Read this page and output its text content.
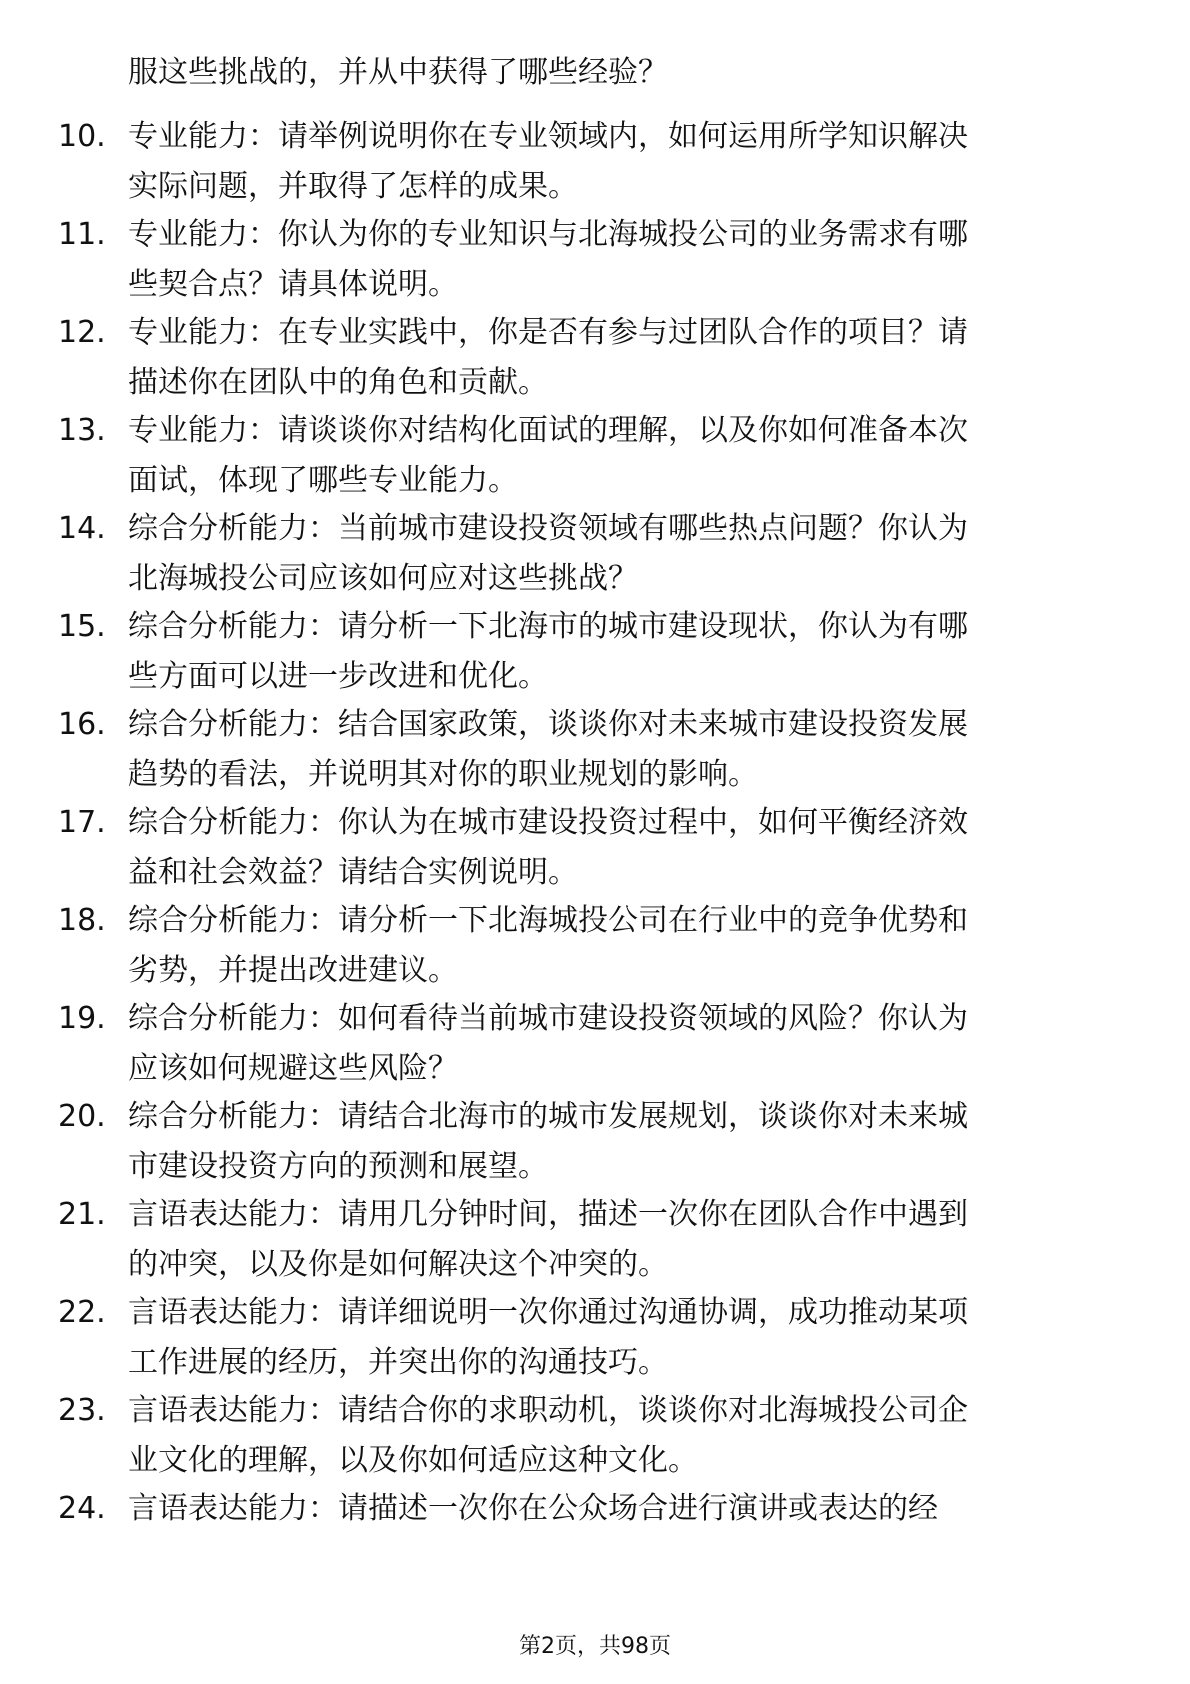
服这些挑战的，并从中获得了哪些经验？
10. 专业能力：请举例说明你在专业领域内，如何运用所学知识解决
实际问题，并取得了怎样的成果。
11. 专业能力：你认为你的专业知识与北海城投公司的业务需求有哪
些契合点？请具体说明。
12. 专业能力：在专业实践中，你是否有参与过团队合作的项目？请
描述你在团队中的角色和贡献。
13. 专业能力：请谈谈你对结构化面试的理解，以及你如何准备本次
面试，体现了哪些专业能力。
14. 综合分析能力：当前城市建设投资领域有哪些热点问题？你认为
北海城投公司应该如何应对这些挑战？
15. 综合分析能力：请分析一下北海市的城市建设现状，你认为有哪
些方面可以进一步改进和优化。
16. 综合分析能力：结合国家政策，谈谈你对未来城市建设投资发展
趋势的看法，并说明其对你的职业规划的影响。
17. 综合分析能力：你认为在城市建设投资过程中，如何平衡经济效
益和社会效益？请结合实例说明。
18. 综合分析能力：请分析一下北海城投公司在行业中的竞争优势和
劣势，并提出改进建议。
19. 综合分析能力：如何看待当前城市建设投资领域的风险？你认为
应该如何规避这些风险？
20. 综合分析能力：请结合北海市的城市发展规划，谈谈你对未来城
市建设投资方向的预测和展望。
21. 言语表达能力：请用几分钟时间，描述一次你在团队合作中遇到
的冲突，以及你是如何解决这个冲突的。
22. 言语表达能力：请详细说明一次你通过沟通协调，成功推动某项
工作进展的经历，并突出你的沟通技巧。
23. 言语表达能力：请结合你的求职动机，谈谈你对北海城投公司企
业文化的理解，以及你如何适应这种文化。
24. 言语表达能力：请描述一次你在公众场合进行演讲或表达的经
第2页，共98页
